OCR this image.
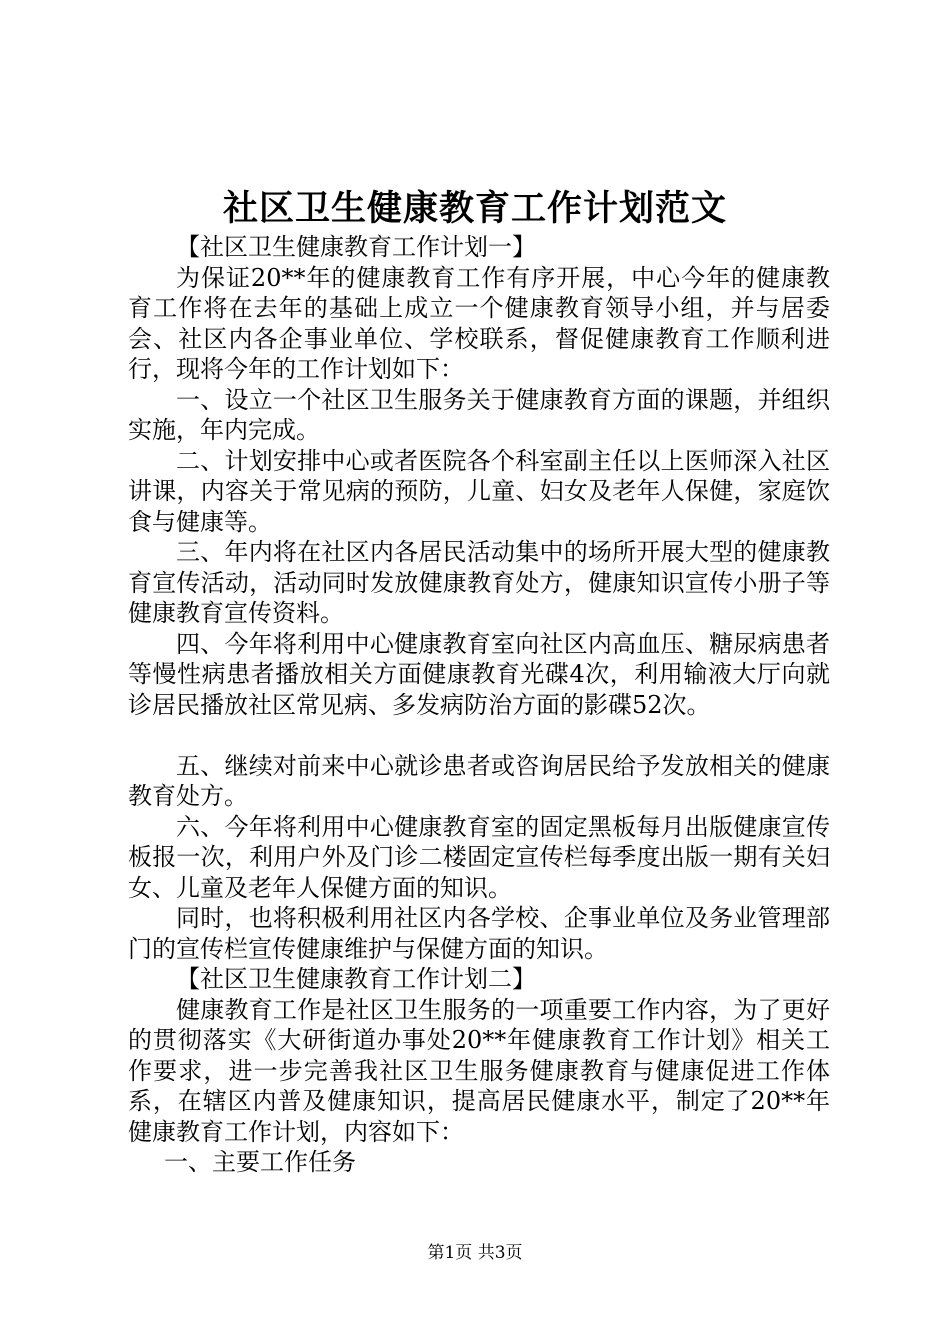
社区卫生健康教育工作计划范文

【社区卫生健康教育工作计划一】

为保证20**年的健康教育工作有序开展，中心今年的健康教育工作将在去年的基础上成立一个健康教育领导小组，并与居委会、社区内各企事业单位、学校联系，督促健康教育工作顺利进行，现将今年的工作计划如下：

一、设立一个社区卫生服务关于健康教育方面的课题，并组织实施，年内完成。

二、计划安排中心或者医院各个科室副主任以上医师深入社区讲课，内容关于常见病的预防，儿童、妇女及老年人保健，家庭饮食与健康等。

三、年内将在社区内各居民活动集中的场所开展大型的健康教育宣传活动，活动同时发放健康教育处方，健康知识宣传小册子等健康教育宣传资料。

四、今年将利用中心健康教育室向社区内高血压、糖尿病患者等慢性病患者播放相关方面健康教育光碟4次，利用输液大厅向就诊居民播放社区常见病、多发病防治方面的影碟52次。

五、继续对前来中心就诊患者或咨询居民给予发放相关的健康教育处方。

六、今年将利用中心健康教育室的固定黑板每月出版健康宣传板报一次，利用户外及门诊二楼固定宣传栏每季度出版一期有关妇女、儿童及老年人保健方面的知识。

同时，也将积极利用社区内各学校、企事业单位及务业管理部门的宣传栏宣传健康维护与保健方面的知识。

【社区卫生健康教育工作计划二】

健康教育工作是社区卫生服务的一项重要工作内容，为了更好的贯彻落实《大研街道办事处20**年健康教育工作计划》相关工作要求，进一步完善我社区卫生服务健康教育与健康促进工作体系，在辖区内普及健康知识，提高居民健康水平，制定了20**年健康教育工作计划，内容如下：

一、主要工作任务

第1页 共3页
